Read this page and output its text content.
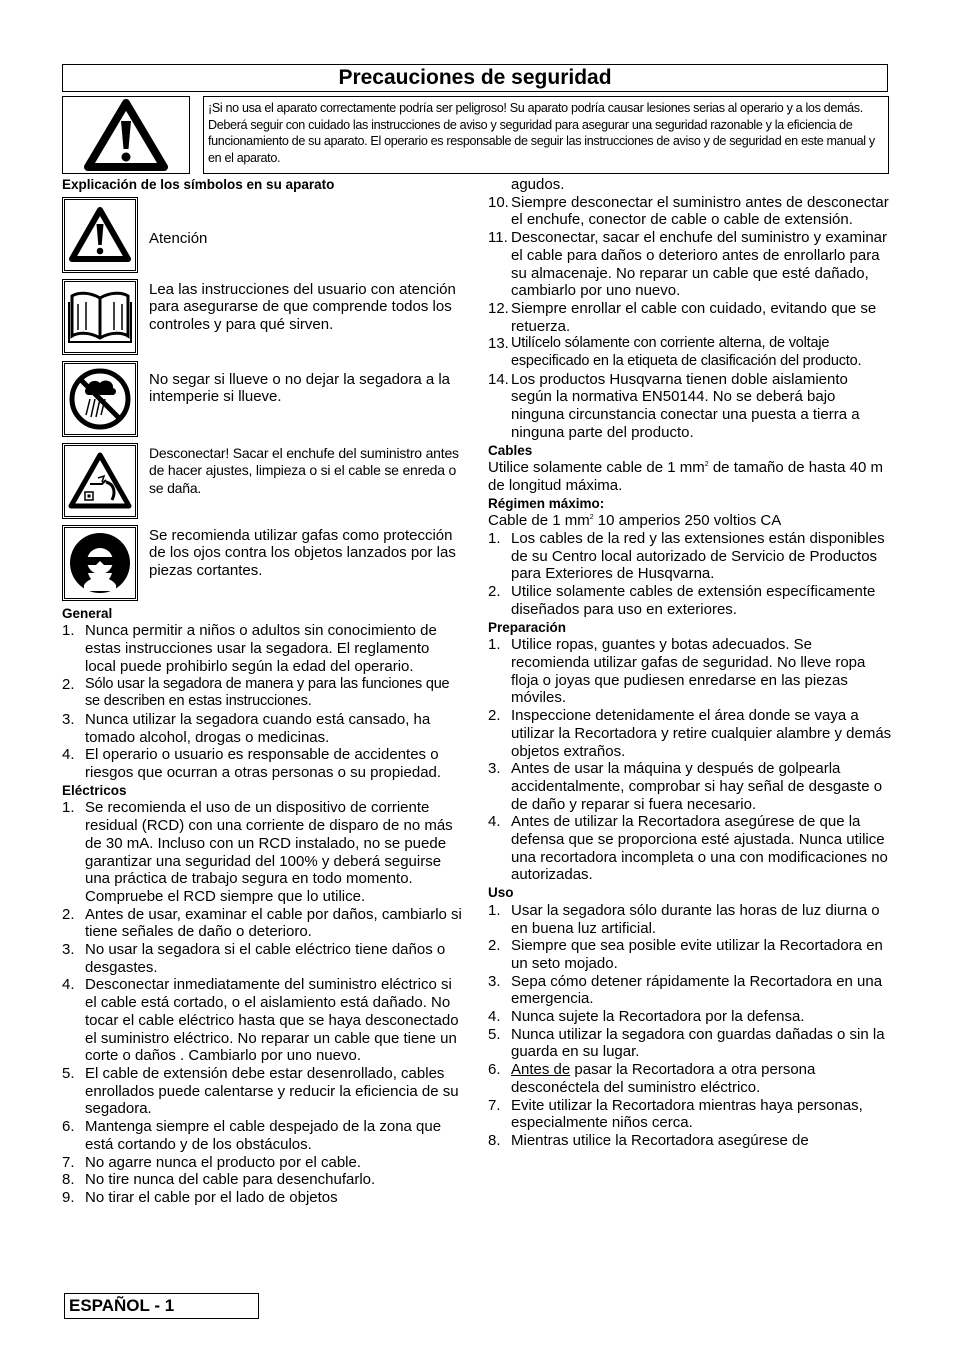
Precauciones de seguridad
¡Si no usa el aparato correctamente podría ser peligroso! Su aparato podría causar lesiones serias al operario y a los demás. Deberá seguir con cuidado las instrucciones de aviso y seguridad para asegurar una seguridad razonable y la eficiencia de funcionamiento de su aparato. El operario es responsable de seguir las instrucciones de aviso y de seguridad en este manual y en el aparato.
Explicación de los símbolos en su aparato
Atención
Lea las instrucciones del usuario con atención para asegurarse de que comprende todos los controles y para qué sirven.
No segar si llueve o no dejar la segadora a la intemperie si llueve.
Desconectar! Sacar el enchufe del suministro antes de hacer ajustes, limpieza o si el cable se enreda o se daña.
Se recomienda utilizar gafas como protección de los ojos contra los objetos lanzados por las piezas cortantes.
General
1. Nunca permitir a niños o adultos sin conocimiento de estas instrucciones usar la segadora. El reglamento local puede prohibirlo según la edad del operario.
2. Sólo usar la segadora de manera y para las funciones que se describen en estas instrucciones.
3. Nunca utilizar la segadora cuando está cansado, ha tomado alcohol, drogas o medicinas.
4. El operario o usuario es responsable de accidentes o riesgos que ocurran a otras personas o su propiedad.
Eléctricos
1. Se recomienda el uso de un dispositivo de corriente residual (RCD) con una corriente de disparo de no más de 30 mA. Incluso con un RCD instalado, no se puede garantizar una seguridad del 100% y deberá seguirse una práctica de trabajo segura en todo momento. Compruebe el RCD siempre que lo utilice.
2. Antes de usar, examinar el cable por daños, cambiarlo si tiene señales de daño o deterioro.
3. No usar la segadora si el cable eléctrico tiene daños o desgastes.
4. Desconectar inmediatamente del suministro eléctrico si el cable está cortado, o el aislamiento está dañado. No tocar el cable eléctrico hasta que se haya desconectado el suministro eléctrico. No reparar un cable que tiene un corte o daños . Cambiarlo por uno nuevo.
5. El cable de extensión debe estar desenrollado, cables enrollados puede calentarse y reducir la eficiencia de su segadora.
6. Mantenga siempre el cable despejado de la zona que está cortando y de los obstáculos.
7. No agarre nunca el producto por el cable.
8. No tire nunca del cable para desenchufarlo.
9. No tirar el cable por el lado de objetos
agudos.
10. Siempre desconectar el suministro antes de desconectar el enchufe, conector de cable o cable de extensión.
11. Desconectar, sacar el enchufe del suministro y examinar el cable para daños o deterioro antes de enrollarlo para su almacenaje. No reparar un cable que esté dañado, cambiarlo por uno nuevo.
12. Siempre enrollar el cable con cuidado, evitando que se retuerza.
13. Utilícelo sólamente con corriente alterna, de voltaje especificado en la etiqueta de clasificación del producto.
14. Los productos Husqvarna tienen doble aislamiento según la normativa EN50144. No se deberá bajo ninguna circunstancia conectar una puesta a tierra a ninguna parte del producto.
Cables
Utilice solamente cable de 1 $mm^2$ de tamaño de hasta 40 m de longitud máxima.
Régimen máximo:
Cable de 1 $mm^2$ 10 amperios 250 voltios CA
1. Los cables de la red y las extensiones están disponibles de su Centro local autorizado de Servicio de Productos para Exteriores de Husqvarna.
2. Utilice solamente cables de extensión específicamente diseñados para uso en exteriores.
Preparación
1. Utilice ropas, guantes y botas adecuados. Se recomienda utilizar gafas de seguridad. No lleve ropa floja o joyas que pudiesen enredarse en las piezas móviles.
2. Inspeccione detenidamente el área donde se vaya a utilizar la Recortadora y retire cualquier alambre y demás objetos extraños.
3. Antes de usar la máquina y después de golpearla accidentalmente, comprobar si hay señal de desgaste o de daño y reparar si fuera necesario.
4. Antes de utilizar la Recortadora asegúrese de que la defensa que se proporciona esté ajustada. Nunca utilice una recortadora incompleta o una con modificaciones no autorizadas.
Uso
1. Usar la segadora sólo durante las horas de luz diurna o en buena luz artificial.
2. Siempre que sea posible evite utilizar la Recortadora en un seto mojado.
3. Sepa cómo detener rápidamente la Recortadora en una emergencia.
4. Nunca sujete la Recortadora por la defensa.
5. Nunca utilizar la segadora con guardas dañadas o sin la guarda en su lugar.
6. Antes de pasar la Recortadora a otra persona desconéctela del suministro eléctrico.
7. Evite utilizar la Recortadora mientras haya personas, especialmente niños cerca.
8. Mientras utilice la Recortadora asegúrese de
ESPAÑOL - 1
